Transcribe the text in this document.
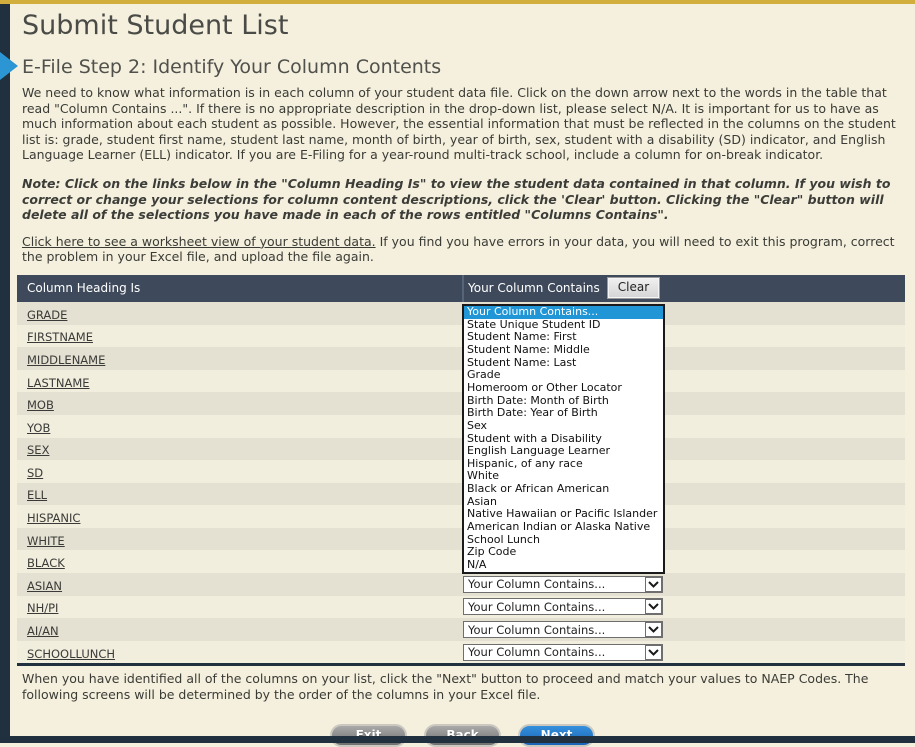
Submit Student List
E-File Step 2: Identify Your Column Contents

We need to know what information is in each column of your student data file. Click on the down arrow next to the words in the table that read "Column Contains ...". If there is no appropriate description in the drop-down list, please select N/A. It is important for us to have as much information about each student as possible. However, the essential information that must be reflected in the columns on the student list is: grade, student first name, student last name, month of birth, year of birth, sex, student with a disability (SD) indicator, and English Language Learner (ELL) indicator. If you are E-Filing for a year-round multi-track school, include a column for on-break indicator.

Note: Click on the links below in the "Column Heading Is" to view the student data contained in that column. If you wish to correct or change your selections for column content descriptions, click the 'Clear' button. Clicking the "Clear" button will delete all of the selections you have made in each of the rows entitled "Columns Contains".

Click here to see a worksheet view of your student data. If you find you have errors in your data, you will need to exit this program, correct the problem in your Excel file, and upload the file again.

Column Heading Is	Your Column Contains	Clear
GRADE
FIRSTNAME
MIDDLENAME
LASTNAME
MOB
YOB
SEX
SD
ELL
HISPANIC
WHITE
BLACK
ASIAN	Your Column Contains...
NH/PI	Your Column Contains...
AI/AN	Your Column Contains...
SCHOOLLUNCH	Your Column Contains...
Your Column Contains...
State Unique Student ID
Student Name: First
Student Name: Middle
Student Name: Last
Grade
Homeroom or Other Locator
Birth Date: Month of Birth
Birth Date: Year of Birth
Sex
Student with a Disability
English Language Learner
Hispanic, of any race
White
Black or African American
Asian
Native Hawaiian or Pacific Islander
American Indian or Alaska Native
School Lunch
Zip Code
N/A

When you have identified all of the columns on your list, click the "Next" button to proceed and match your values to NAEP Codes. The following screens will be determined by the order of the columns in your Excel file.
